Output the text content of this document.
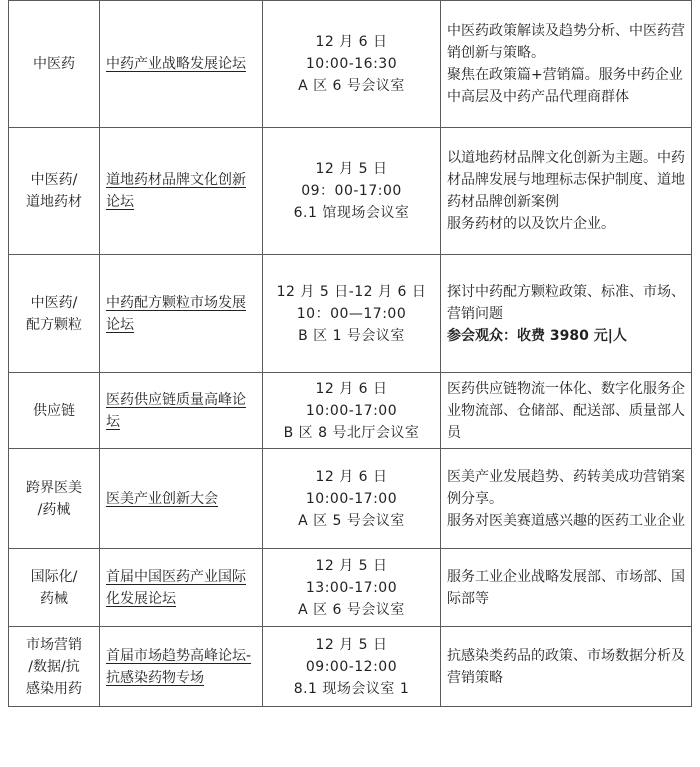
中医药	中药产业战略发展论坛	12 月 6 日
10:00-16:30
A 区 6 号会议室	中医药政策解读及趋势分析、中医药营销创新与策略。
聚焦在政策篇+营销篇。服务中药企业中高层及中药产品代理商群体

中医药/
道地药材	道地药材品牌文化创新论坛	12 月 5 日
09：00-17:00
6.1 馆现场会议室	以道地药材品牌文化创新为主题。中药材品牌发展与地理标志保护制度、道地药材品牌创新案例
服务药材的以及饮片企业。

中医药/
配方颗粒	中药配方颗粒市场发展论坛	12 月 5 日-12 月 6 日
10：00—17:00
B 区 1 号会议室	探讨中药配方颗粒政策、标准、市场、营销问题
参会观众：收费 3980 元|人

供应链	医药供应链质量高峰论坛	12 月 6 日
10:00-17:00
B 区 8 号北厅会议室	医药供应链物流一体化、数字化服务企业物流部、仓储部、配送部、质量部人员

跨界医美
/药械	医美产业创新大会	12 月 6 日
10:00-17:00
A 区 5 号会议室	医美产业发展趋势、药转美成功营销案例分享。
服务对医美赛道感兴趣的医药工业企业

国际化/
药械	首届中国医药产业国际化发展论坛	12 月 5 日
13:00-17:00
A 区 6 号会议室	服务工业企业战略发展部、市场部、国际部等

市场营销
/数据/抗
感染用药	首届市场趋势高峰论坛-抗感染药物专场	12 月 5 日
09:00-12:00
8.1 现场会议室 1	抗感染类药品的政策、市场数据分析及营销策略
